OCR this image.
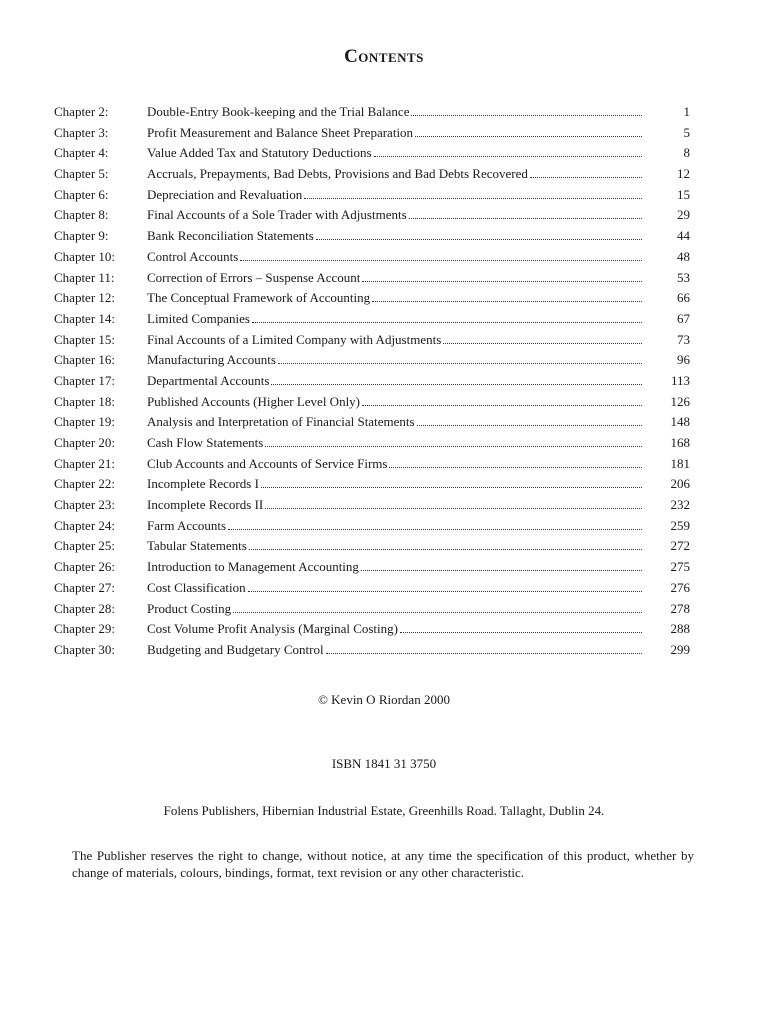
Contents
Chapter 2:	Double-Entry Book-keeping and the Trial Balance	1
Chapter 3:	Profit Measurement and Balance Sheet Preparation	5
Chapter 4:	Value Added Tax and Statutory Deductions	8
Chapter 5:	Accruals, Prepayments, Bad Debts, Provisions and Bad Debts Recovered	12
Chapter 6:	Depreciation and Revaluation	15
Chapter 8:	Final Accounts of a Sole Trader with Adjustments	29
Chapter 9:	Bank Reconciliation Statements	44
Chapter 10:	Control Accounts	48
Chapter 11:	Correction of Errors – Suspense Account	53
Chapter 12:	The Conceptual Framework of Accounting	66
Chapter 14:	Limited Companies	67
Chapter 15:	Final Accounts of a Limited Company with Adjustments	73
Chapter 16:	Manufacturing Accounts	96
Chapter 17:	Departmental Accounts	113
Chapter 18:	Published Accounts (Higher Level Only)	126
Chapter 19:	Analysis and Interpretation of Financial Statements	148
Chapter 20:	Cash Flow Statements	168
Chapter 21:	Club Accounts and Accounts of Service Firms	181
Chapter 22:	Incomplete Records I	206
Chapter 23:	Incomplete Records II	232
Chapter 24:	Farm Accounts	259
Chapter 25:	Tabular Statements	272
Chapter 26:	Introduction to Management Accounting	275
Chapter 27:	Cost Classification	276
Chapter 28:	Product Costing	278
Chapter 29:	Cost Volume Profit Analysis (Marginal Costing)	288
Chapter 30:	Budgeting and Budgetary Control	299
© Kevin O Riordan 2000
ISBN 1841 31 3750
Folens Publishers, Hibernian Industrial Estate, Greenhills Road. Tallaght, Dublin 24.
The Publisher reserves the right to change, without notice, at any time the specification of this product, whether by change of materials, colours, bindings, format, text revision or any other characteristic.
